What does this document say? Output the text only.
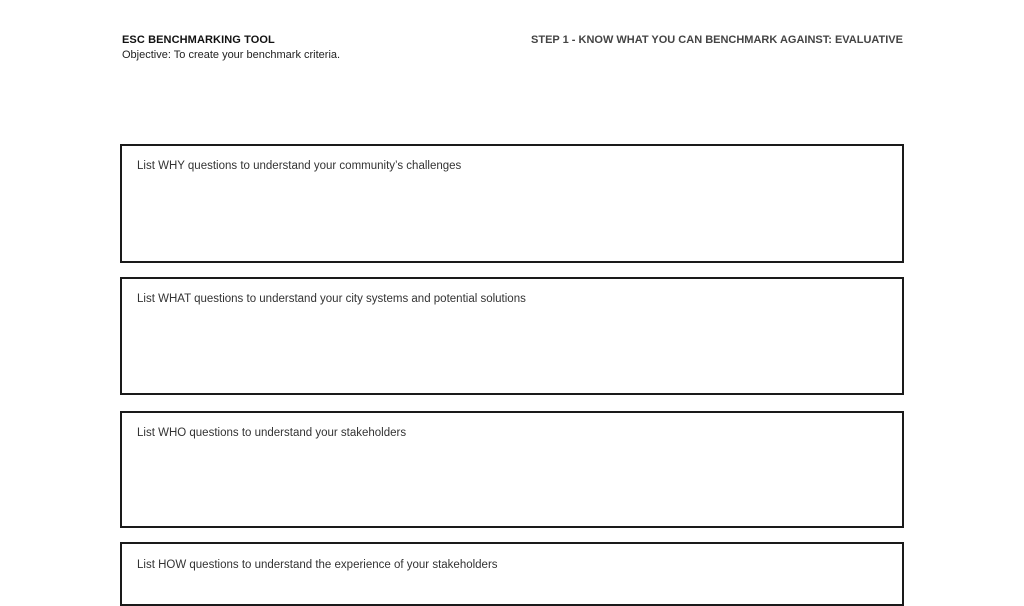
ESC BENCHMARKING TOOL
Objective: To create your benchmark criteria.
STEP 1 - KNOW WHAT YOU CAN BENCHMARK AGAINST: EVALUATIVE
List WHY questions to understand your community’s challenges
List WHAT questions to understand your city systems and potential solutions
List WHO questions to understand your stakeholders
List HOW questions to understand the experience of your stakeholders
